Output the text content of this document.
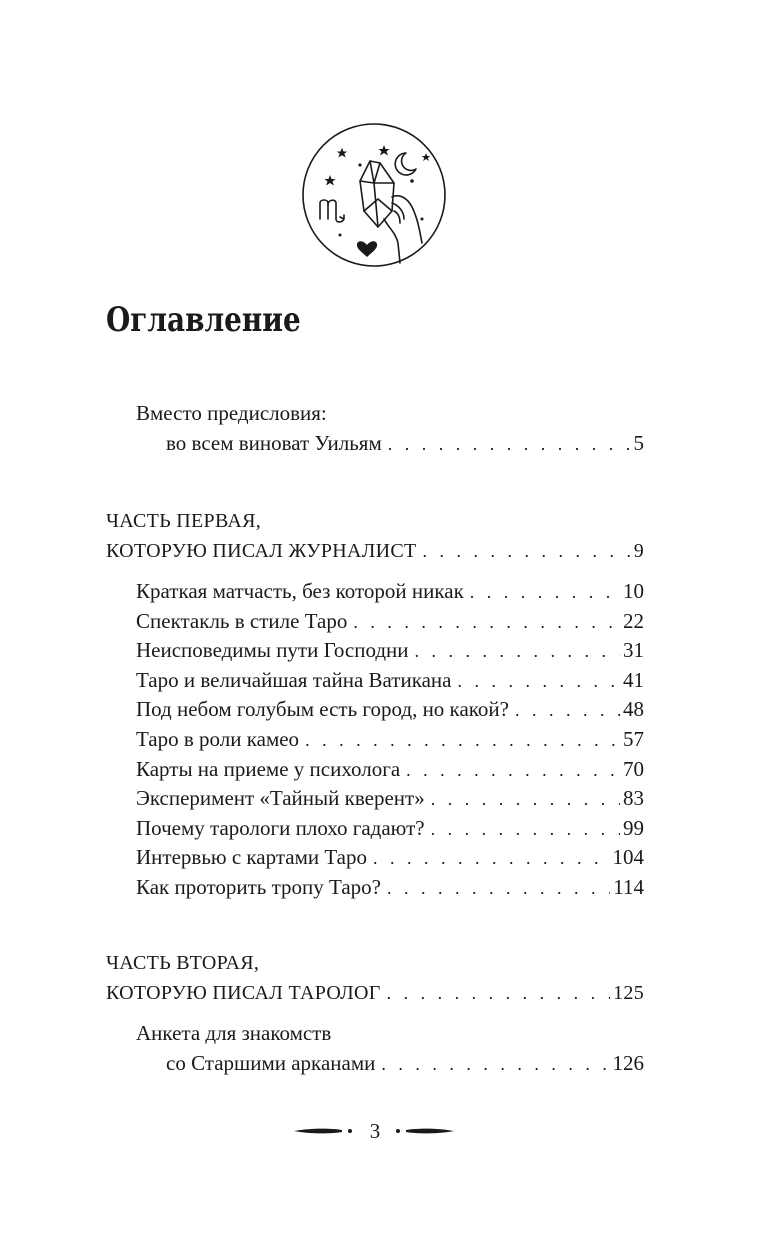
Оглавление
Вместо предисловия:
во всем виноват Уильям . . .	5
ЧАСТЬ ПЕРВАЯ,
КОТОРУЮ ПИСАЛ ЖУРНАЛИСТ . . .	9
Краткая матчасть, без которой никак . . .	10
Спектакль в стиле Таро . . .	22
Неисповедимы пути Господни . . .	31
Таро и величайшая тайна Ватикана . . .	41
Под небом голубым есть город, но какой? . . .	48
Таро в роли камео . . .	57
Карты на приеме у психолога . . .	70
Эксперимент «Тайный кверент» . . .	83
Почему тарологи плохо гадают? . . .	99
Интервью с картами Таро . . .	104
Как проторить тропу Таро? . . .	114
ЧАСТЬ ВТОРАЯ,
КОТОРУЮ ПИСАЛ ТАРОЛОГ . . .	125
Анкета для знакомств
со Старшими арканами . . .	126
3
